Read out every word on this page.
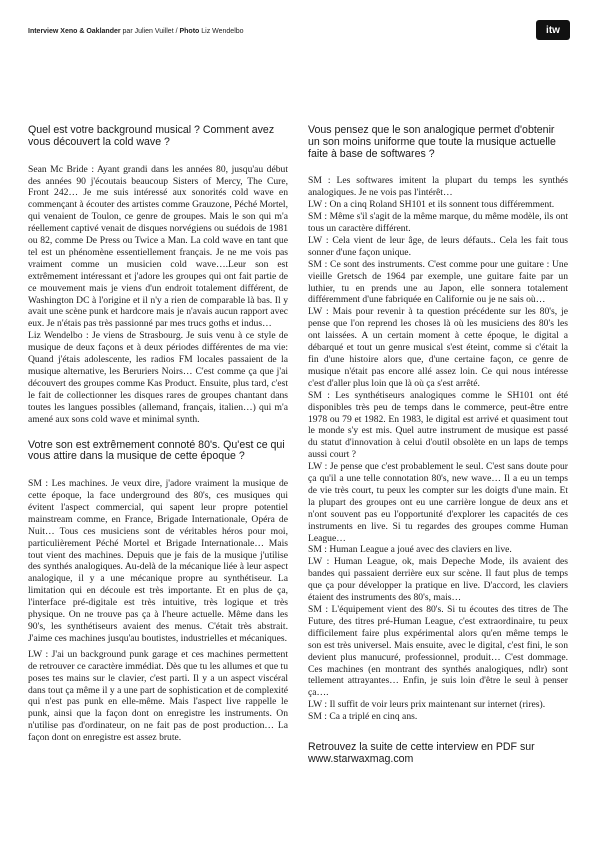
Interview Xeno & Oaklander par Julien Vuillet / Photo Liz Wendelbo	itw

Quel est votre background musical ? Comment avez vous découvert la cold wave ?

Sean Mc Bride : Ayant grandi dans les années 80, jusqu'au début des années 90 j'écoutais beaucoup Sisters of Mercy, The Cure, Front 242… Je me suis intéressé aux sonorités cold wave en commençant à écouter des artistes comme Grauzone, Péché Mortel, qui venaient de Toulon, ce genre de groupes. Mais le son qui m'a réellement captivé venait de disques norvégiens ou suédois de 1981 ou 82, comme De Press ou Twice a Man. La cold wave en tant que tel est un phénomène essentiellement français. Je ne me vois pas vraiment comme un musicien cold wave….Leur son est extrêmement intéressant et j'adore les groupes qui ont fait partie de ce mouvement mais je viens d'un endroit totalement différent, de Washington DC à l'origine et il n'y a rien de comparable là bas. Il y avait une scène punk et hardcore mais je n'avais aucun rapport avec eux. Je n'étais pas très passionné par mes trucs goths et indus…

Liz Wendelbo : Je viens de Strasbourg. Je suis venu à ce style de musique de deux façons et à deux périodes différentes de ma vie: Quand j'étais adolescente, les radios FM locales passaient de la musique alternative, les Beruriers Noirs… C'est comme ça que j'ai découvert des groupes comme Kas Product. Ensuite, plus tard, c'est le fait de collectionner les disques rares de groupes chantant dans toutes les langues possibles (allemand, français, italien…) qui m'a amené aux sons cold wave et minimal synth.

Votre son est extrêmement connoté 80's. Qu'est ce qui vous attire dans la musique de cette époque ?

SM : Les machines. Je veux dire, j'adore vraiment la musique de cette époque, la face underground des 80's, ces musiques qui évitent l'aspect commercial, qui sapent leur propre potentiel mainstream comme, en France, Brigade Internationale, Opéra de Nuit… Tous ces musiciens sont de véritables héros pour moi, particulièrement Péché Mortel et Brigade Internationale… Mais tout vient des machines. Depuis que je fais de la musique j'utilise des synthés analogiques. Au-delà de la mécanique liée à leur aspect analogique, il y a une mécanique propre au synthétiseur. La limitation qui en découle est très importante. Et en plus de ça, l'interface pré-digitale est très intuitive, très logique et très physique. On ne trouve pas ça à l'heure actuelle. Même dans les 90's, les synthétiseurs avaient des menus. C'était très abstrait. J'aime ces machines jusqu'au boutistes, industrielles et mécaniques.

LW : J'ai un background punk garage et ces machines permettent de retrouver ce caractère immédiat. Dès que tu les allumes et que tu poses tes mains sur le clavier, c'est parti. Il y a un aspect viscéral dans tout ça même il y a une part de sophistication et de complexité qui n'est pas punk en elle-même. Mais l'aspect live rappelle le punk, ainsi que la façon dont on enregistre les instruments. On n'utilise pas d'ordinateur, on ne fait pas de post production… La façon dont on enregistre est assez brute.

Vous pensez que le son analogique permet d'obtenir un son moins uniforme que toute la musique actuelle faite à base de softwares ?

SM : Les softwares imitent la plupart du temps les synthés analogiques. Je ne vois pas l'intérêt…

LW : On a cinq Roland SH101 et ils sonnent tous différemment.

SM : Même s'il s'agit de la même marque, du même modèle, ils ont tous un caractère différent.

LW : Cela vient de leur âge, de leurs défauts.. Cela les fait tous sonner d'une façon unique.

SM : Ce sont des instruments. C'est comme pour une guitare : Une vieille Gretsch de 1964 par exemple, une guitare faite par un luthier, tu en prends une au Japon, elle sonnera totalement différemment d'une fabriquée en Californie ou je ne sais où…

LW : Mais pour revenir à ta question précédente sur les 80's, je pense que l'on reprend les choses là où les musiciens des 80's les ont laissées. A un certain moment à cette époque, le digital a débarqué et tout un genre musical s'est éteint, comme si c'était la fin d'une histoire alors que, d'une certaine façon, ce genre de musique n'était pas encore allé assez loin. Ce qui nous intéresse c'est d'aller plus loin que là où ça s'est arrêté.

SM : Les synthétiseurs analogiques comme le SH101 ont été disponibles très peu de temps dans le commerce, peut-être entre 1978 ou 79 et 1982. En 1983, le digital est arrivé et quasiment tout le monde s'y est mis. Quel autre instrument de musique est passé du statut d'innovation à celui d'outil obsolète en un laps de temps aussi court ?

LW : Je pense que c'est probablement le seul. C'est sans doute pour ça qu'il a une telle connotation 80's, new wave… Il a eu un temps de vie très court, tu peux les compter sur les doigts d'une main. Et la plupart des groupes ont eu une carrière longue de deux ans et n'ont souvent pas eu l'opportunité d'explorer les capacités de ces instruments en live. Si tu regardes des groupes comme Human League…

SM : Human League a joué avec des claviers en live.

LW : Human League, ok, mais Depeche Mode, ils avaient des bandes qui passaient derrière eux sur scène. Il faut plus de temps que ça pour développer la pratique en live. D'accord, les claviers étaient des instruments des 80's, mais…

SM : L'équipement vient des 80's. Si tu écoutes des titres de The Future, des titres pré-Human League, c'est extraordinaire, tu peux difficilement faire plus expérimental alors qu'en même temps le son est très universel. Mais ensuite, avec le digital, c'est fini, le son devient plus manucuré, professionnel, produit… C'est dommage. Ces machines (en montrant des synthés analogiques, ndlr) sont tellement attrayantes… Enfin, je suis loin d'être le seul à penser ça….

LW : Il suffit de voir leurs prix maintenant sur internet (rires).

SM : Ca a triplé en cinq ans.

Retrouvez la suite de cette interview en PDF sur www.starwaxmag.com
